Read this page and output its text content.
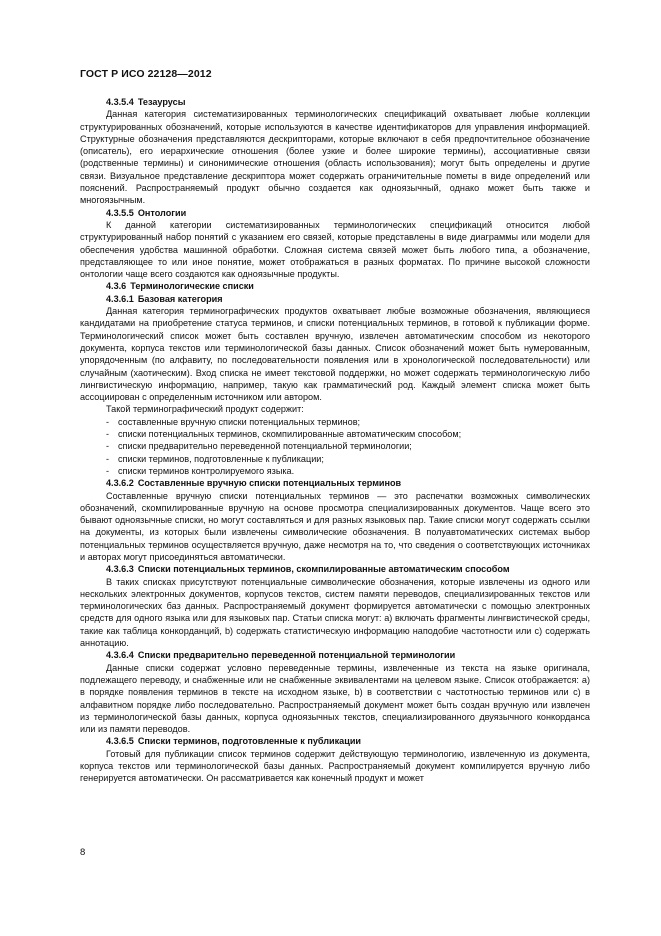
ГОСТ Р ИСО 22128—2012

4.3.5.4 Тезаурусы

Данная категория систематизированных терминологических спецификаций охватывает любые коллекции структурированных обозначений, которые используются в качестве идентификаторов для управления информацией. Структурные обозначения представляются дескрипторами, которые включают в себя предпочтительное обозначение (описатель), его иерархические отношения (более узкие и более широкие термины), ассоциативные связи (родственные термины) и синонимические отношения (область использования); могут быть определены и другие связи. Визуальное представление дескриптора может содержать ограничительные пометы в виде определений или пояснений. Распространяемый продукт обычно создается как одноязычный, однако может быть также и многоязычным.

4.3.5.5 Онтологии

К данной категории систематизированных терминологических спецификаций относится любой структурированный набор понятий с указанием его связей, которые представлены в виде диаграммы или модели для обеспечения удобства машинной обработки. Сложная система связей может быть любого типа, а обозначение, представляющее то или иное понятие, может отображаться в разных форматах. По причине высокой сложности онтологии чаще всего создаются как одноязычные продукты.

4.3.6 Терминологические списки

4.3.6.1 Базовая категория

Данная категория терминографических продуктов охватывает любые возможные обозначения, являющиеся кандидатами на приобретение статуса терминов, и списки потенциальных терминов, в готовой к публикации форме. Терминологический список может быть составлен вручную, извлечен автоматическим способом из некоторого документа, корпуса текстов или терминологической базы данных. Список обозначений может быть нумерованным, упорядоченным (по алфавиту, по последовательности появления или в хронологической последовательности) или случайным (хаотическим). Вход списка не имеет текстовой поддержки, но может содержать терминологическую либо лингвистическую информацию, например, такую как грамматический род. Каждый элемент списка может быть ассоциирован с определенным источником или автором.

Такой терминографический продукт содержит:

- составленные вручную списки потенциальных терминов;
- списки потенциальных терминов, скомпилированные автоматическим способом;
- списки предварительно переведенной потенциальной терминологии;
- списки терминов, подготовленные к публикации;
- списки терминов контролируемого языка.

4.3.6.2 Составленные вручную списки потенциальных терминов

Составленные вручную списки потенциальных терминов — это распечатки возможных символических обозначений, скомпилированные вручную на основе просмотра специализированных документов. Чаще всего это бывают одноязычные списки, но могут составляться и для разных языковых пар. Такие списки могут содержать ссылки на документы, из которых были извлечены символические обозначения. В полуавтоматических системах выбор потенциальных терминов осуществляется вручную, даже несмотря на то, что сведения о соответствующих источниках и авторах могут присоединяться автоматически.

4.3.6.3 Списки потенциальных терминов, скомпилированные автоматическим способом

В таких списках присутствуют потенциальные символические обозначения, которые извлечены из одного или нескольких электронных документов, корпусов текстов, систем памяти переводов, специализированных текстов или терминологических баз данных. Распространяемый документ формируется автоматически с помощью электронных средств для одного языка или для языковых пар. Статьи списка могут: a) включать фрагменты лингвистической среды, такие как таблица конкорданций, b) содержать статистическую информацию наподобие частотности или c) содержать аннотацию.

4.3.6.4 Списки предварительно переведенной потенциальной терминологии

Данные списки содержат условно переведенные термины, извлеченные из текста на языке оригинала, подлежащего переводу, и снабженные или не снабженные эквивалентами на целевом языке. Список отображается: a) в порядке появления терминов в тексте на исходном языке, b) в соответствии с частотностью терминов или c) в алфавитном порядке либо последовательно. Распространяемый документ может быть создан вручную или извлечен из терминологической базы данных, корпуса одноязычных текстов, специализированного двуязычного конкорданса или из памяти переводов.

4.3.6.5 Списки терминов, подготовленные к публикации

Готовый для публикации список терминов содержит действующую терминологию, извлеченную из документа, корпуса текстов или терминологической базы данных. Распространяемый документ компилируется вручную либо генерируется автоматически. Он рассматривается как конечный продукт и может

8
